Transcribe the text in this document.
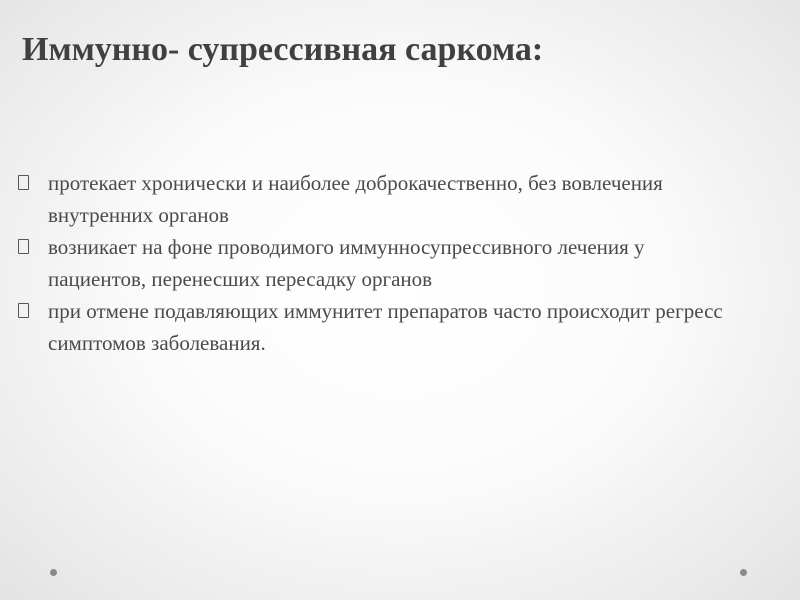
Иммунно- супрессивная саркома:
протекает хронически и наиболее доброкачественно, без вовлечения внутренних органов
возникает на фоне проводимого иммунносупрессивного лечения у пациентов, перенесших пересадку органов
при отмене подавляющих иммунитет препаратов часто происходит регресс симптомов заболевания.
